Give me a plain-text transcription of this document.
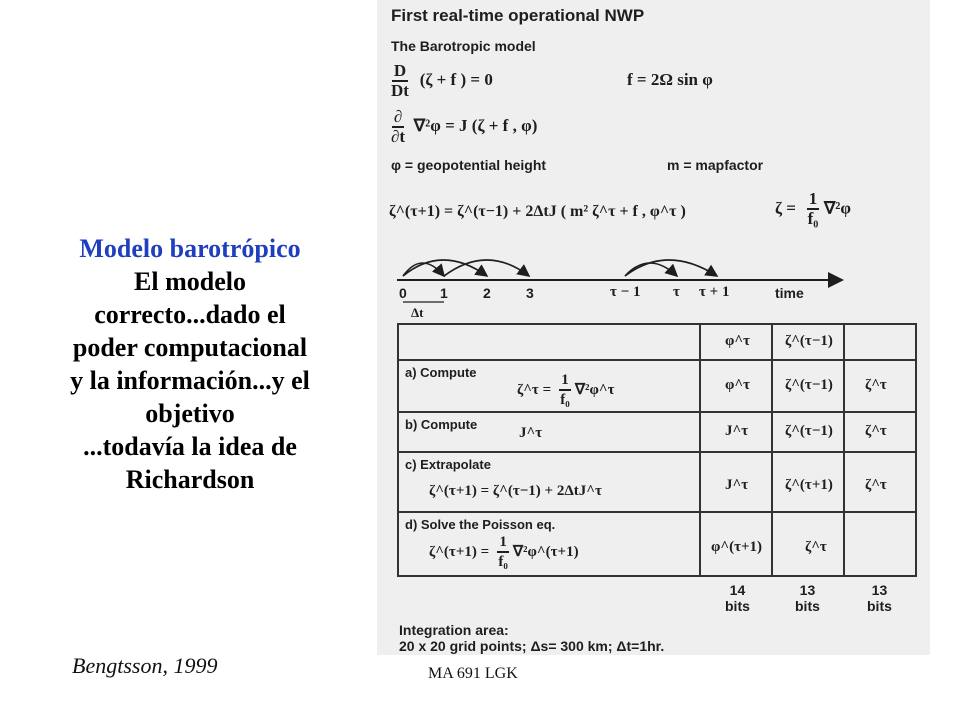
Modelo barotrópico
El modelo
correcto...dado el
poder computacional
y la información...y el
objetivo
...todavía la idea de
Richardson
Bengtsson, 1999	MA 691 LGK
First real-time operational NWP
The Barotropic model
$\frac{D}{Dt} (\zeta + f$ ) = 0	f = 2Ω sin φ
$\frac{\partial}{\partial t} \nabla^2\varphi = J$ (ζ + f , φ)
φ = geopotential height	m = mapfactor
ζ^(τ+1) = ζ^(τ−1) + 2ΔtJ ( m² ζ^τ + f , φ^τ )	$\zeta = \frac{1}{\text{f₀}} \nabla^2\varphi$
0 1	2	3	τ − 1 τ τ + 1	time
Δt
φ^τ ζ^(τ−1)
a) Compute
ζ^τ = $\frac{1}{\text{f₀}}$ ∇²φ^τ	φ^τ ζ^(τ−1) ζ^τ
b) Compute
J^τ	J^τ ζ^(τ−1) ζ^τ
c) Extrapolate
ζ^(τ+1) = ζ^(τ−1) + 2ΔtJ^τ	J^τ ζ^(τ+1) ζ^τ
d) Solve the Poisson eq.
ζ^(τ+1) = $\frac{1}{\text{f₀}}$ ∇²φ^(τ+1)	φ^(τ+1)	ζ^τ
14
bits
13
bits
13
bits
Integration area:
20 x 20 grid points; Δs= 300 km; Δt=1hr.
